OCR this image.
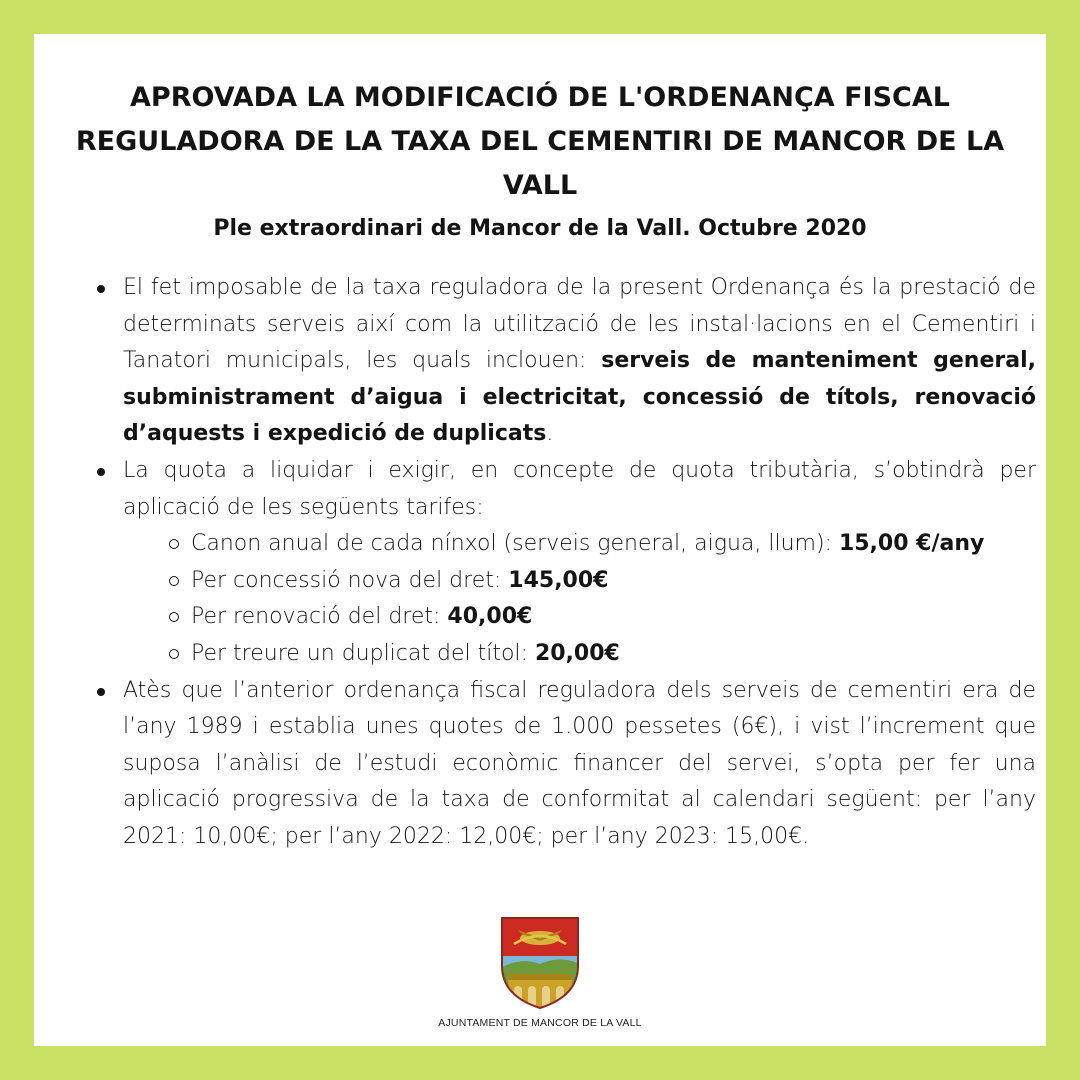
APROVADA LA MODIFICACIÓ DE L'ORDENANÇA FISCAL REGULADORA DE LA TAXA DEL CEMENTIRI DE MANCOR DE LA VALL
Ple extraordinari de Mancor de la Vall. Octubre 2020
El fet imposable de la taxa reguladora de la present Ordenança és la prestació de determinats serveis així com la utilització de les instal·lacions en el Cementiri i Tanatori municipals, les quals inclouen: serveis de manteniment general, subministrament d’aigua i electricitat, concessió de títols, renovació d’aquests i expedició de duplicats.
La quota a liquidar i exigir, en concepte de quota tributària, s’obtindrà per aplicació de les següents tarifes:
Canon anual de cada nínxol (serveis general, aigua, llum): 15,00 €/any
Per concessió nova del dret: 145,00€
Per renovació del dret: 40,00€
Per treure un duplicat del títol: 20,00€
Atès que l’anterior ordenança fiscal reguladora dels serveis de cementiri era de l’any 1989 i establia unes quotes de 1.000 pessetes (6€), i vist l’increment que suposa l’anàlisi de l’estudi econòmic financer del servei, s’opta per fer una aplicació progressiva de la taxa de conformitat al calendari següent: per l’any 2021: 10,00€; per l’any 2022: 12,00€; per l’any 2023: 15,00€.
AJUNTAMENT DE MANCOR DE LA VALL
